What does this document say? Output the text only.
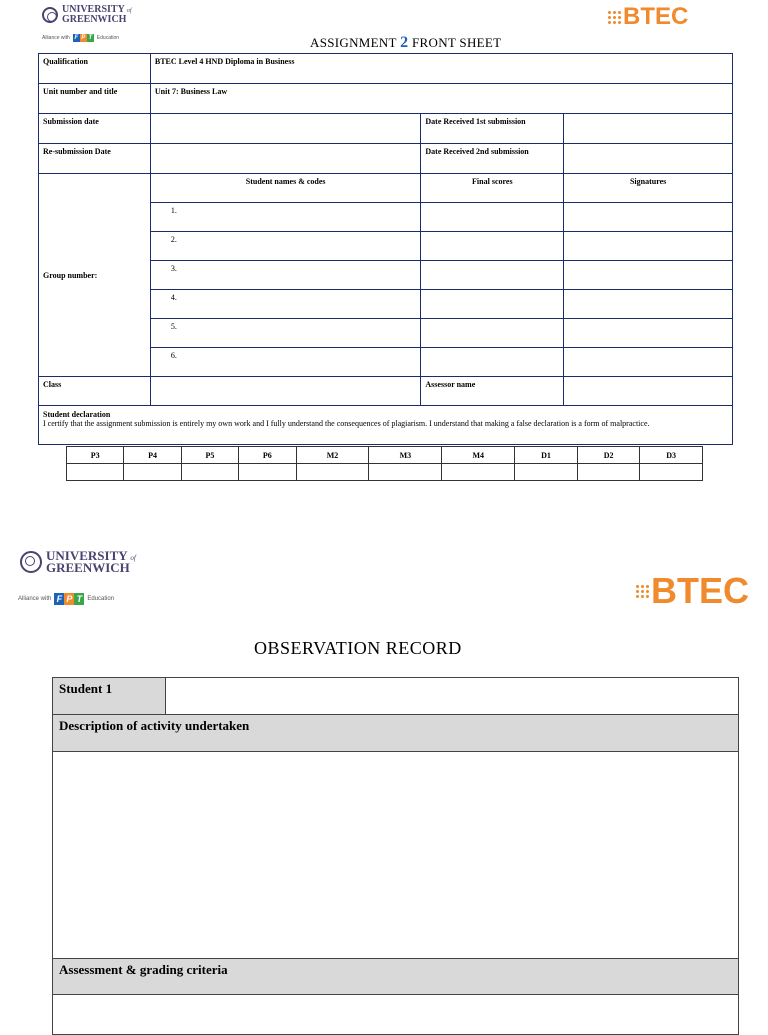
UNIVERSITY of
GREENWICH
Alliance with F P T Education
BTEC
ASSIGNMENT 2 FRONT SHEET
Qualification	BTEC Level 4 HND Diploma in Business		
Unit number and title	Unit 7: Business Law		
Submission date		Date Received 1st submission	
Re-submission Date		Date Received 2nd submission	
Group number:	Student names & codes	Final scores	Signatures
	1.		
	2.		
	3.		
	4.		
	5.		
	6.		
Class		Assessor name	

Student declaration
I certify that the assignment submission is entirely my own work and I fully understand the consequences of plagiarism. I understand that making a false declaration is a form of malpractice.			
P3	P4	P5	P6	M2	M3	M4	D1	D2	D3

UNIVERSITY of
GREENWICH
Alliance with F P T Education	BTEC
OBSERVATION RECORD
Student 1	
Description of activity undertaken

Assessment & grading criteria
